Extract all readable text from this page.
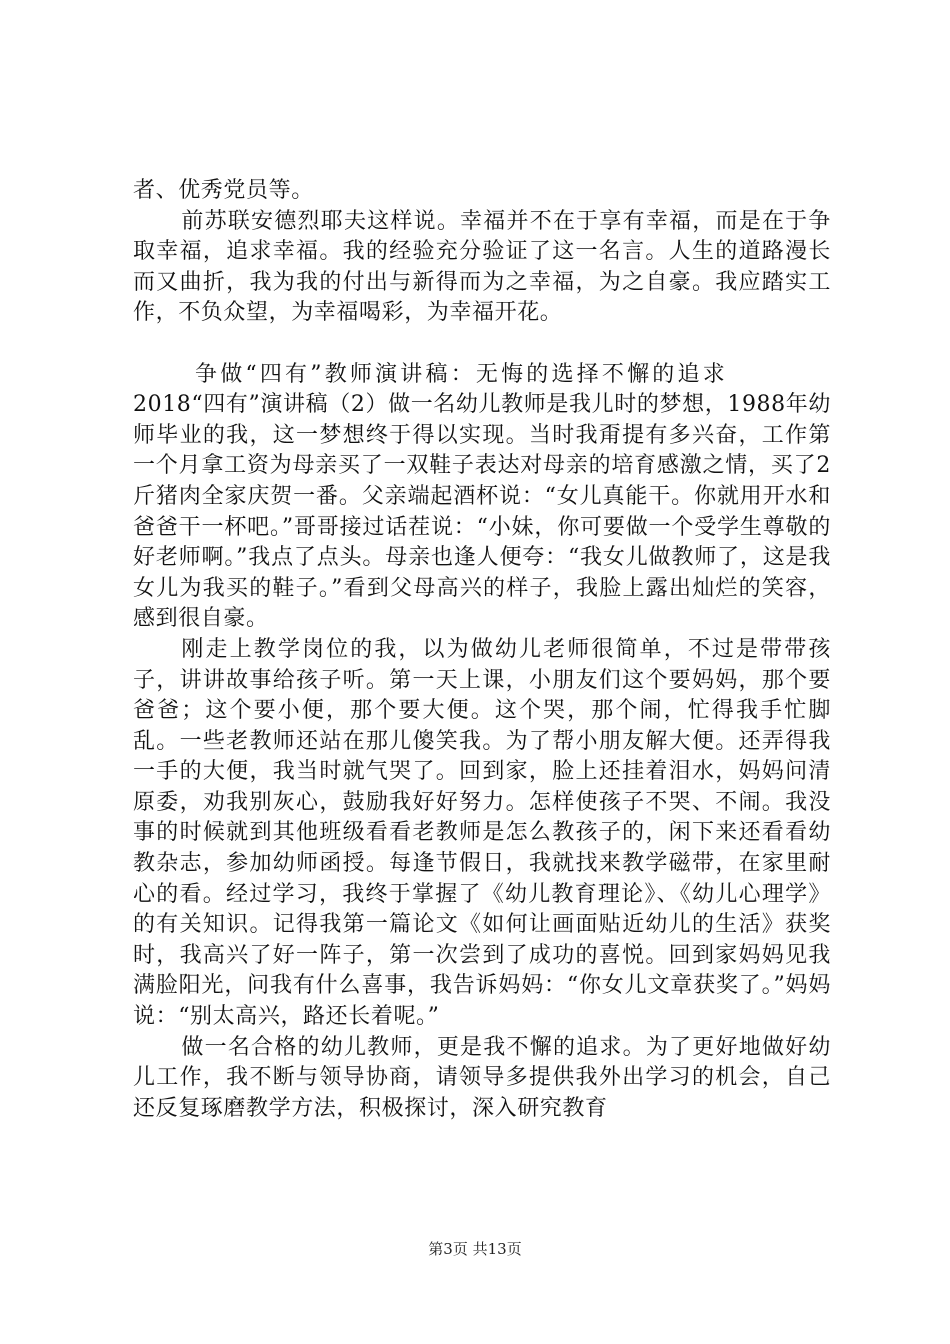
者、优秀党员等。

前苏联安德烈耶夫这样说。幸福并不在于享有幸福，而是在于争取幸福，追求幸福。我的经验充分验证了这一名言。人生的道路漫长而又曲折，我为我的付出与新得而为之幸福，为之自豪。我应踏实工作，不负众望，为幸福喝彩，为幸福开花。

争做“四有”教师演讲稿：无悔的选择不懈的追求

2018“四有”演讲稿（2）做一名幼儿教师是我儿时的梦想，1988年幼师毕业的我，这一梦想终于得以实现。当时我甭提有多兴奋，工作第一个月拿工资为母亲买了一双鞋子表达对母亲的培育感激之情，买了2斤猪肉全家庆贺一番。父亲端起酒杯说：“女儿真能干。你就用开水和爸爸干一杯吧。”哥哥接过话茬说：“小妹，你可要做一个受学生尊敬的好老师啊。”我点了点头。母亲也逢人便夸：“我女儿做教师了，这是我女儿为我买的鞋子。”看到父母高兴的样子，我脸上露出灿烂的笑容，感到很自豪。

刚走上教学岗位的我，以为做幼儿老师很简单，不过是带带孩子，讲讲故事给孩子听。第一天上课，小朋友们这个要妈妈，那个要爸爸；这个要小便，那个要大便。这个哭，那个闹，忙得我手忙脚乱。一些老教师还站在那儿傻笑我。为了帮小朋友解大便。还弄得我一手的大便，我当时就气哭了。回到家，脸上还挂着泪水，妈妈问清原委，劝我别灰心，鼓励我好好努力。怎样使孩子不哭、不闹。我没事的时候就到其他班级看看老教师是怎么教孩子的，闲下来还看看幼教杂志，参加幼师函授。每逢节假日，我就找来教学磁带，在家里耐心的看。经过学习，我终于掌握了《幼儿教育理论》、《幼儿心理学》的有关知识。记得我第一篇论文《如何让画面贴近幼儿的生活》获奖时，我高兴了好一阵子，第一次尝到了成功的喜悦。回到家妈妈见我满脸阳光，问我有什么喜事，我告诉妈妈：“你女儿文章获奖了。”妈妈说：“别太高兴，路还长着呢。”

做一名合格的幼儿教师，更是我不懈的追求。为了更好地做好幼儿工作，我不断与领导协商，请领导多提供我外出学习的机会，自己还反复琢磨教学方法，积极探讨，深入研究教育

第3页 共13页
